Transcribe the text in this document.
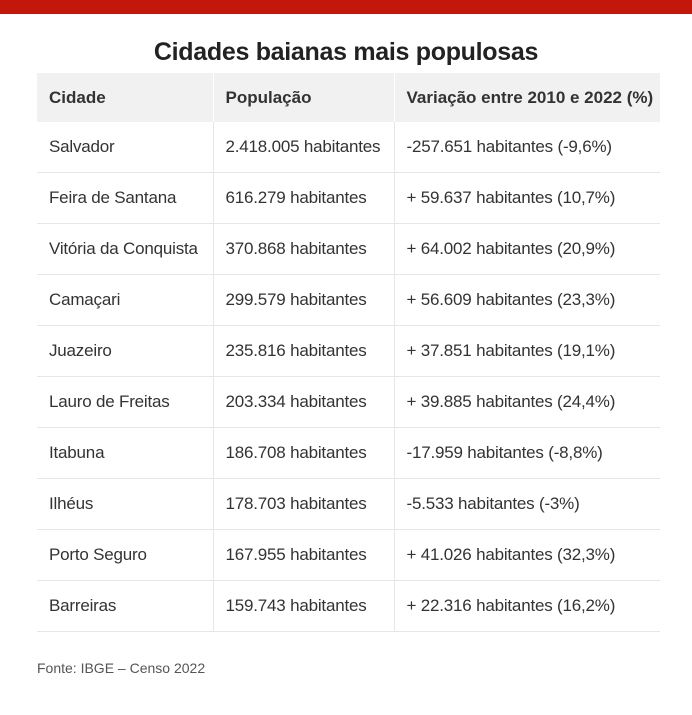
Cidades baianas mais populosas
Cidade	População	Variação entre 2010 e 2022 (%)
Salvador	2.418.005 habitantes	-257.651 habitantes (-9,6%)
Feira de Santana	616.279 habitantes	+ 59.637 habitantes (10,7%)
Vitória da Conquista	370.868 habitantes	+ 64.002 habitantes (20,9%)
Camaçari	299.579 habitantes	+ 56.609 habitantes (23,3%)
Juazeiro	235.816 habitantes	+ 37.851 habitantes (19,1%)
Lauro de Freitas	203.334 habitantes	+ 39.885 habitantes (24,4%)
Itabuna	186.708 habitantes	-17.959 habitantes (-8,8%)
Ilhéus	178.703 habitantes	-5.533 habitantes (-3%)
Porto Seguro	167.955 habitantes	+ 41.026 habitantes (32,3%)
Barreiras	159.743 habitantes	+ 22.316 habitantes (16,2%)
Fonte: IBGE – Censo 2022
